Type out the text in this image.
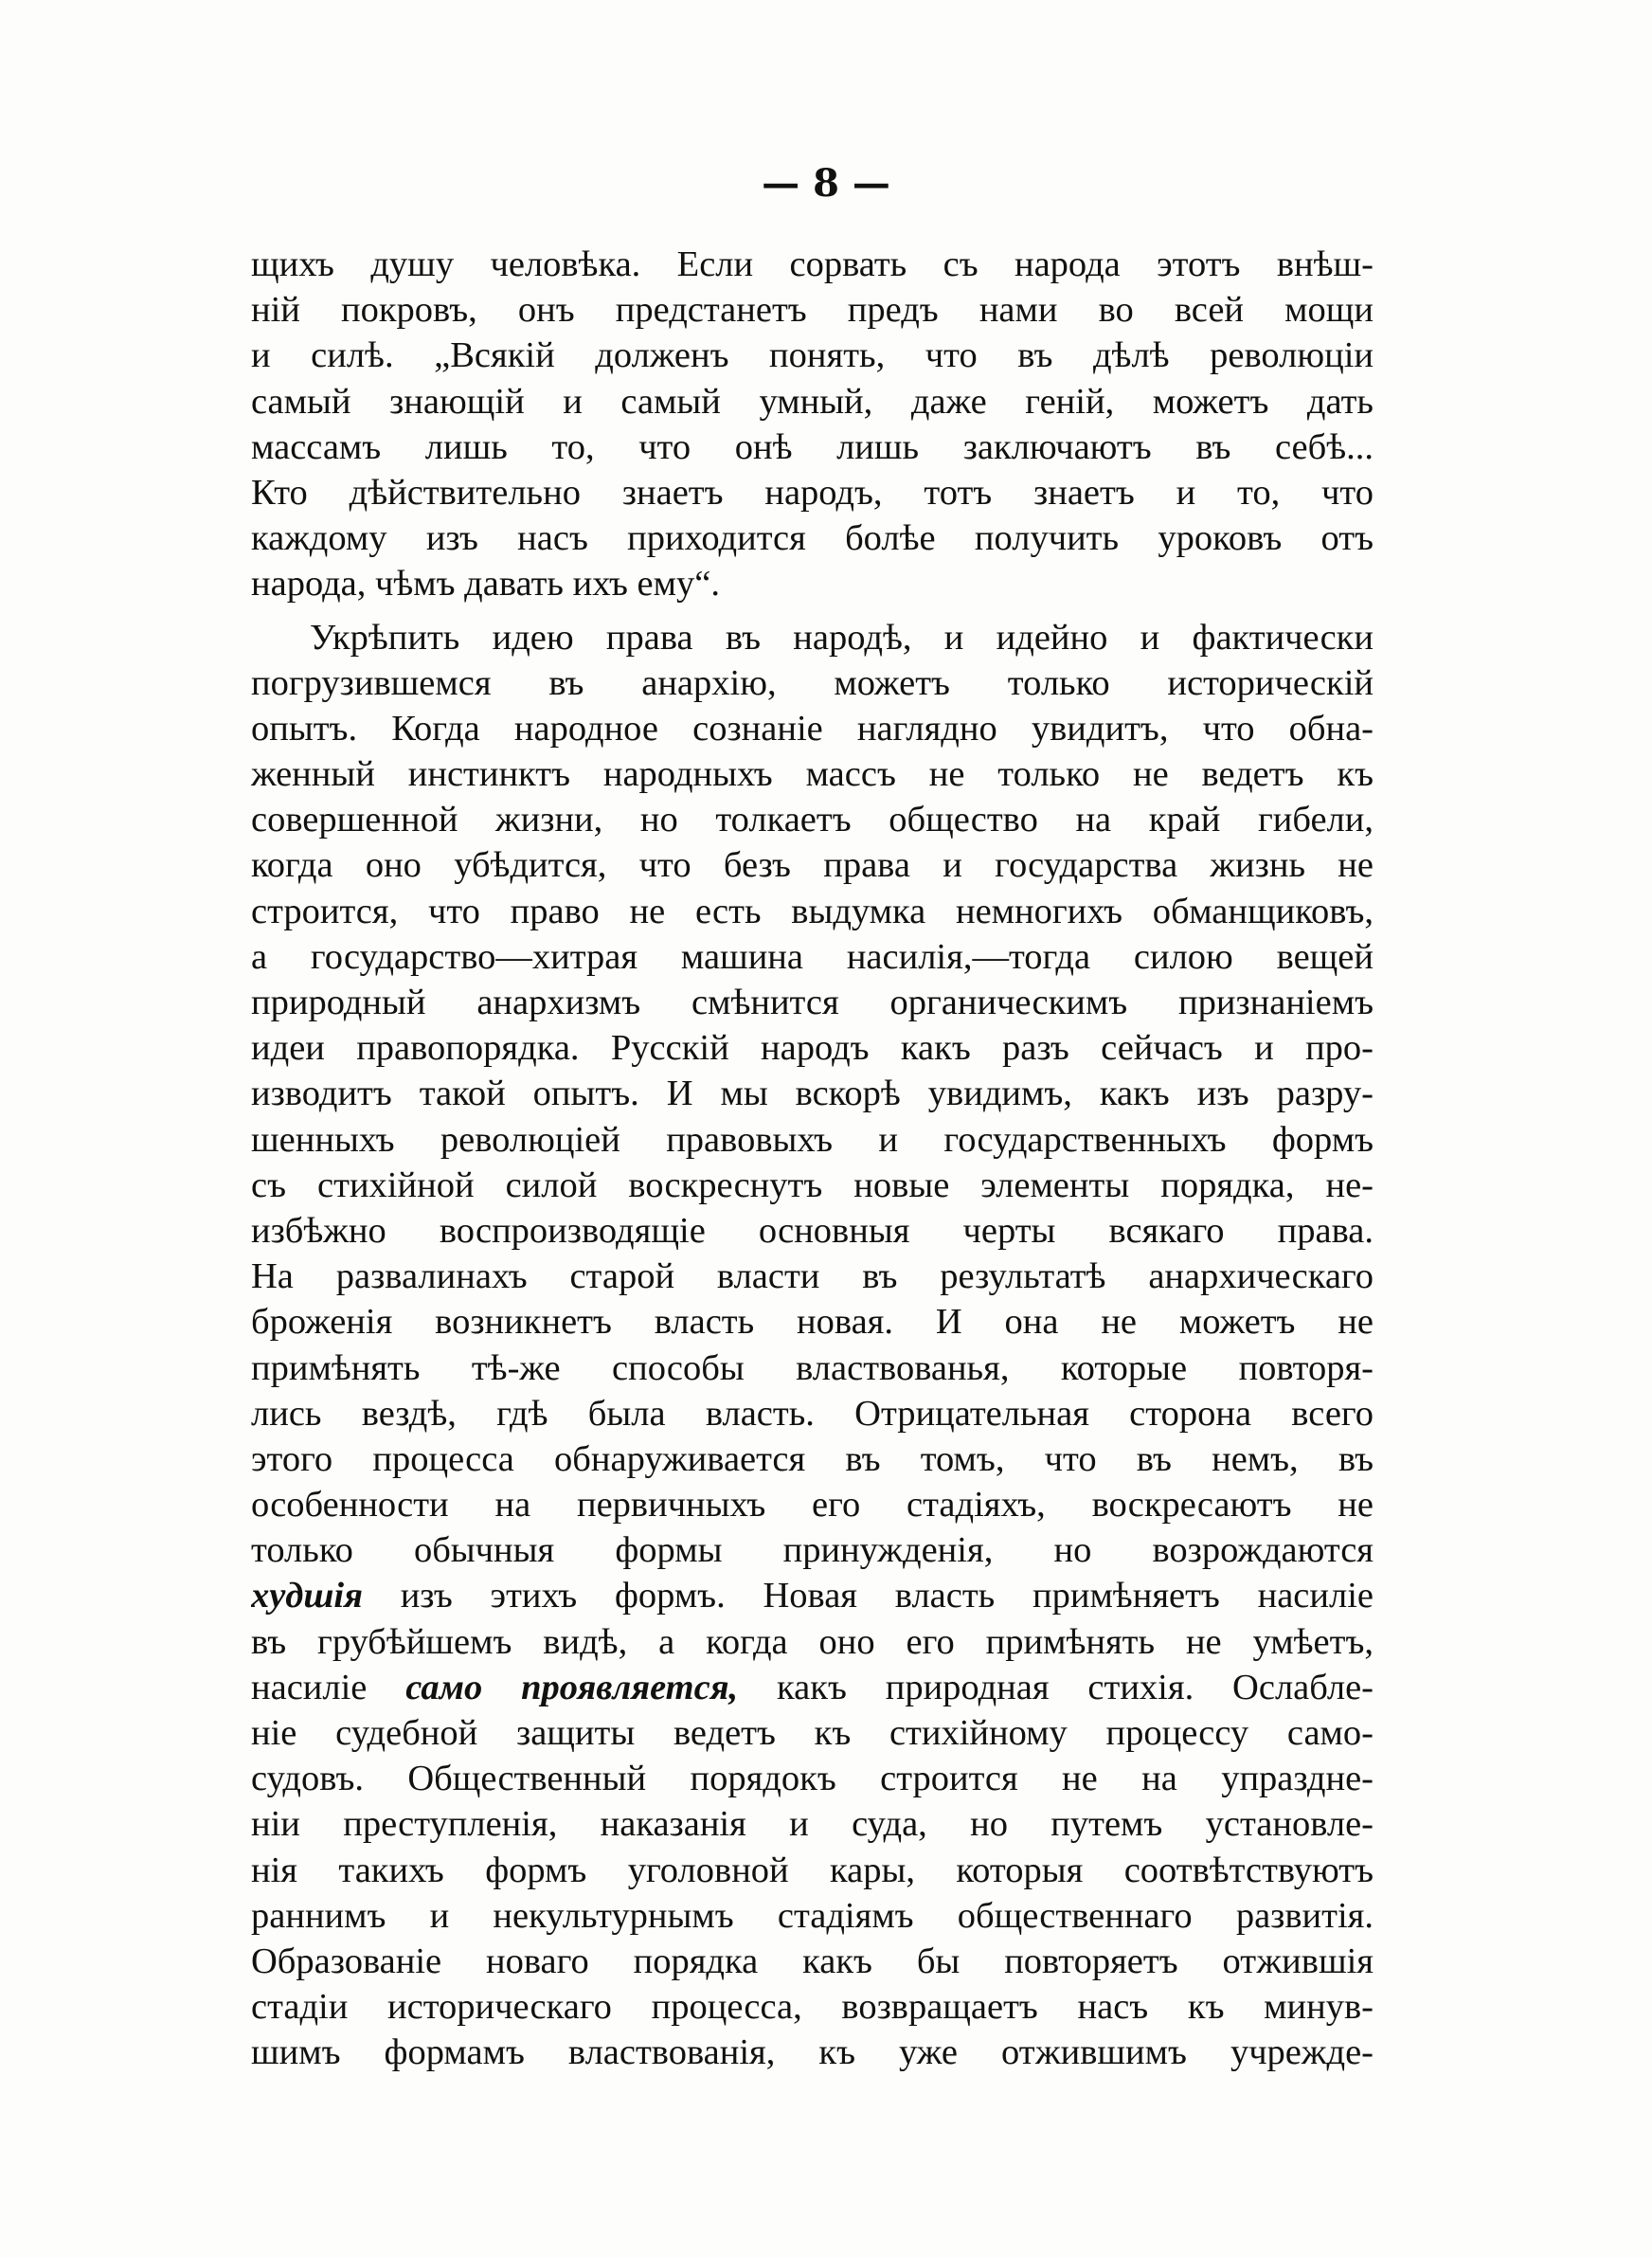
— 8 —
щихъ душу человѣка. Если сорвать съ народа этотъ внѣш-
ній покровъ, онъ предстанетъ предъ нами во всей мощи
и силѣ. „Всякій долженъ понять, что въ дѣлѣ революціи
самый знающій и самый умный, даже геній, можетъ дать
массамъ лишь то, что онѣ лишь заключаютъ въ себѣ...
Кто дѣйствительно знаетъ народъ, тотъ знаетъ и то, что
каждому изъ насъ приходится болѣе получить уроковъ отъ
народа, чѣмъ давать ихъ ему“.
Укрѣпить идею права въ народѣ, и идейно и фактически
погрузившемся въ анархію, можетъ только историческій
опытъ. Когда народное сознаніе наглядно увидитъ, что обна-
женный инстинктъ народныхъ массъ не только не ведетъ къ
совершенной жизни, но толкаетъ общество на край гибели,
когда оно убѣдится, что безъ права и государства жизнь не
строится, что право не есть выдумка немногихъ обманщиковъ,
а государство—хитрая машина насилія,—тогда силою вещей
природный анархизмъ смѣнится органическимъ признаніемъ
идеи правопорядка. Русскій народъ какъ разъ сейчасъ и про-
изводитъ такой опытъ. И мы вскорѣ увидимъ, какъ изъ разру-
шенныхъ революціей правовыхъ и государственныхъ формъ
съ стихійной силой воскреснутъ новые элементы порядка, не-
избѣжно воспроизводящіе основныя черты всякаго права.
На развалинахъ старой власти въ результатѣ анархическаго
броженія возникнетъ власть новая. И она не можетъ не
примѣнять тѣ-же способы властвованья, которые повторя-
лись вездѣ, гдѣ была власть. Отрицательная сторона всего
этого процесса обнаруживается въ томъ, что въ немъ, въ
особенности на первичныхъ его стадіяхъ, воскресаютъ не
только обычныя формы принужденія, но возрождаются
худшія изъ этихъ формъ. Новая власть примѣняетъ насиліе
въ грубѣйшемъ видѣ, а когда оно его примѣнять не умѣетъ,
насиліе само проявляется, какъ природная стихія. Ослабле-
ніе судебной защиты ведетъ къ стихійному процессу само-
судовъ. Общественный порядокъ строится не на упраздне-
ніи преступленія, наказанія и суда, но путемъ установле-
нія такихъ формъ уголовной кары, которыя соотвѣтствуютъ
раннимъ и некультурнымъ стадіямъ общественнаго развитія.
Образованіе новаго порядка какъ бы повторяетъ отжившія
стадіи историческаго процесса, возвращаетъ насъ къ минув-
шимъ формамъ властвованія, къ уже отжившимъ учрежде-
